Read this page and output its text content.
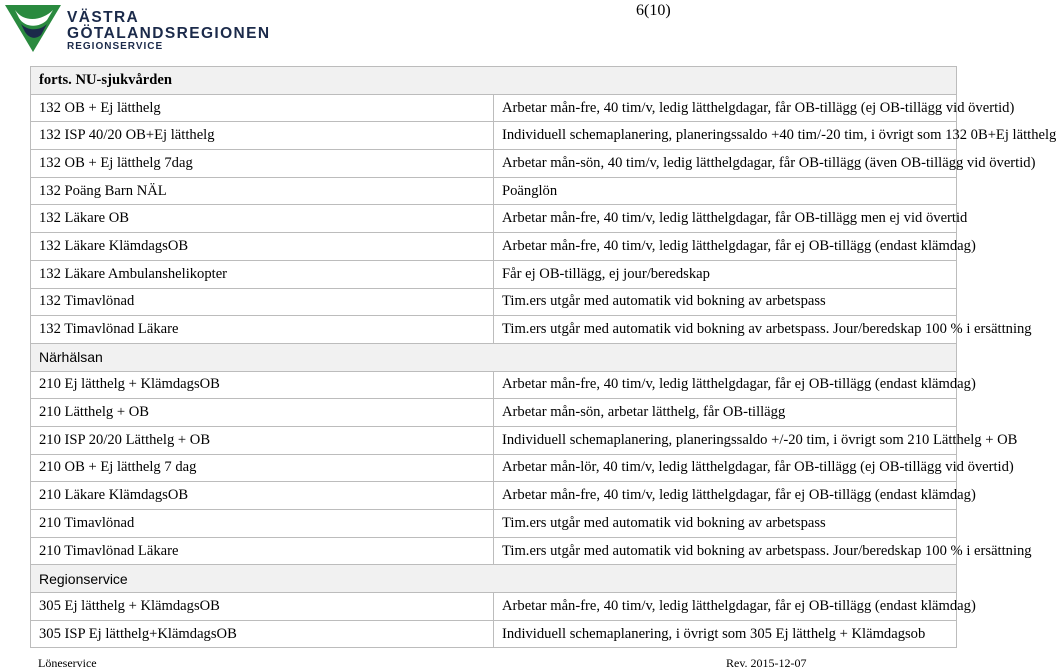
VÄSTRA
GÖTALANDSREGIONEN
REGIONSERVICE
6(10)
forts. NU-sjukvården	
132 OB + Ej lätthelg	Arbetar mån-fre, 40 tim/v, ledig lätthelgdagar, får OB-tillägg (ej OB-tillägg vid övertid)
132 ISP 40/20 OB+Ej lätthelg	Individuell schemaplanering, planeringssaldo +40 tim/-20 tim, i övrigt som 132 0B+Ej lätthelg
132 OB + Ej lätthelg 7dag	Arbetar mån-sön, 40 tim/v, ledig lätthelgdagar, får OB-tillägg (även OB-tillägg vid övertid)
132 Poäng Barn NÄL	Poänglön
132 Läkare OB	Arbetar mån-fre, 40 tim/v, ledig lätthelgdagar, får OB-tillägg men ej vid övertid
132 Läkare KlämdagsOB	Arbetar mån-fre, 40 tim/v, ledig lätthelgdagar, får ej OB-tillägg (endast klämdag)
132 Läkare Ambulanshelikopter	Får ej OB-tillägg, ej jour/beredskap
132 Timavlönad	Tim.ers utgår med automatik vid bokning av arbetspass
132 Timavlönad Läkare	Tim.ers utgår med automatik vid bokning av arbetspass. Jour/beredskap 100 % i ersättning
Närhälsan	
210 Ej lätthelg + KlämdagsOB	Arbetar mån-fre, 40 tim/v, ledig lätthelgdagar, får ej OB-tillägg (endast klämdag)
210 Lätthelg + OB	Arbetar mån-sön, arbetar lätthelg, får OB-tillägg
210 ISP 20/20 Lätthelg + OB	Individuell schemaplanering, planeringssaldo +/-20 tim, i övrigt som 210 Lätthelg + OB
210 OB + Ej lätthelg 7 dag	Arbetar mån-lör, 40 tim/v, ledig lätthelgdagar, får OB-tillägg (ej OB-tillägg vid övertid)
210 Läkare KlämdagsOB	Arbetar mån-fre, 40 tim/v, ledig lätthelgdagar, får ej OB-tillägg (endast klämdag)
210 Timavlönad	Tim.ers utgår med automatik vid bokning av arbetspass
210 Timavlönad Läkare	Tim.ers utgår med automatik vid bokning av arbetspass. Jour/beredskap 100 % i ersättning
Regionservice	
305 Ej lätthelg + KlämdagsOB	Arbetar mån-fre, 40 tim/v, ledig lätthelgdagar, får ej OB-tillägg (endast klämdag)
305 ISP Ej lätthelg+KlämdagsOB	Individuell schemaplanering, i övrigt som 305 Ej lätthelg + Klämdagsob
Löneservice	Rev. 2015-12-07
